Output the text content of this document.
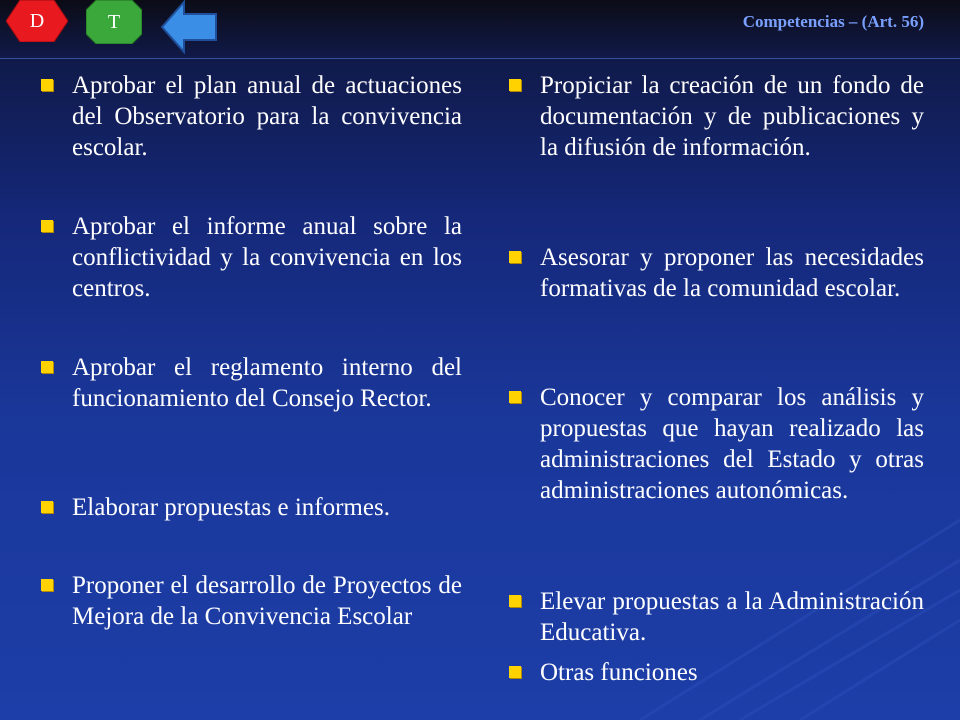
D	T	Competencias – (Art. 56)
Aprobar el plan anual de actuaciones del Observatorio para la convivencia escolar.
Aprobar el informe anual sobre la conflictividad y la convivencia en los centros.
Aprobar el reglamento interno del funcionamiento del Consejo Rector.
Elaborar propuestas e informes.
Proponer el desarrollo de Proyectos de Mejora de la Convivencia Escolar
Propiciar la creación de un fondo de documentación y de publicaciones y la difusión de información.
Asesorar y proponer las necesidades formativas de la comunidad escolar.
Conocer y comparar los análisis y propuestas que hayan realizado las administraciones del Estado y otras administraciones autonómicas.
Elevar propuestas a la Administración Educativa.
Otras funciones
